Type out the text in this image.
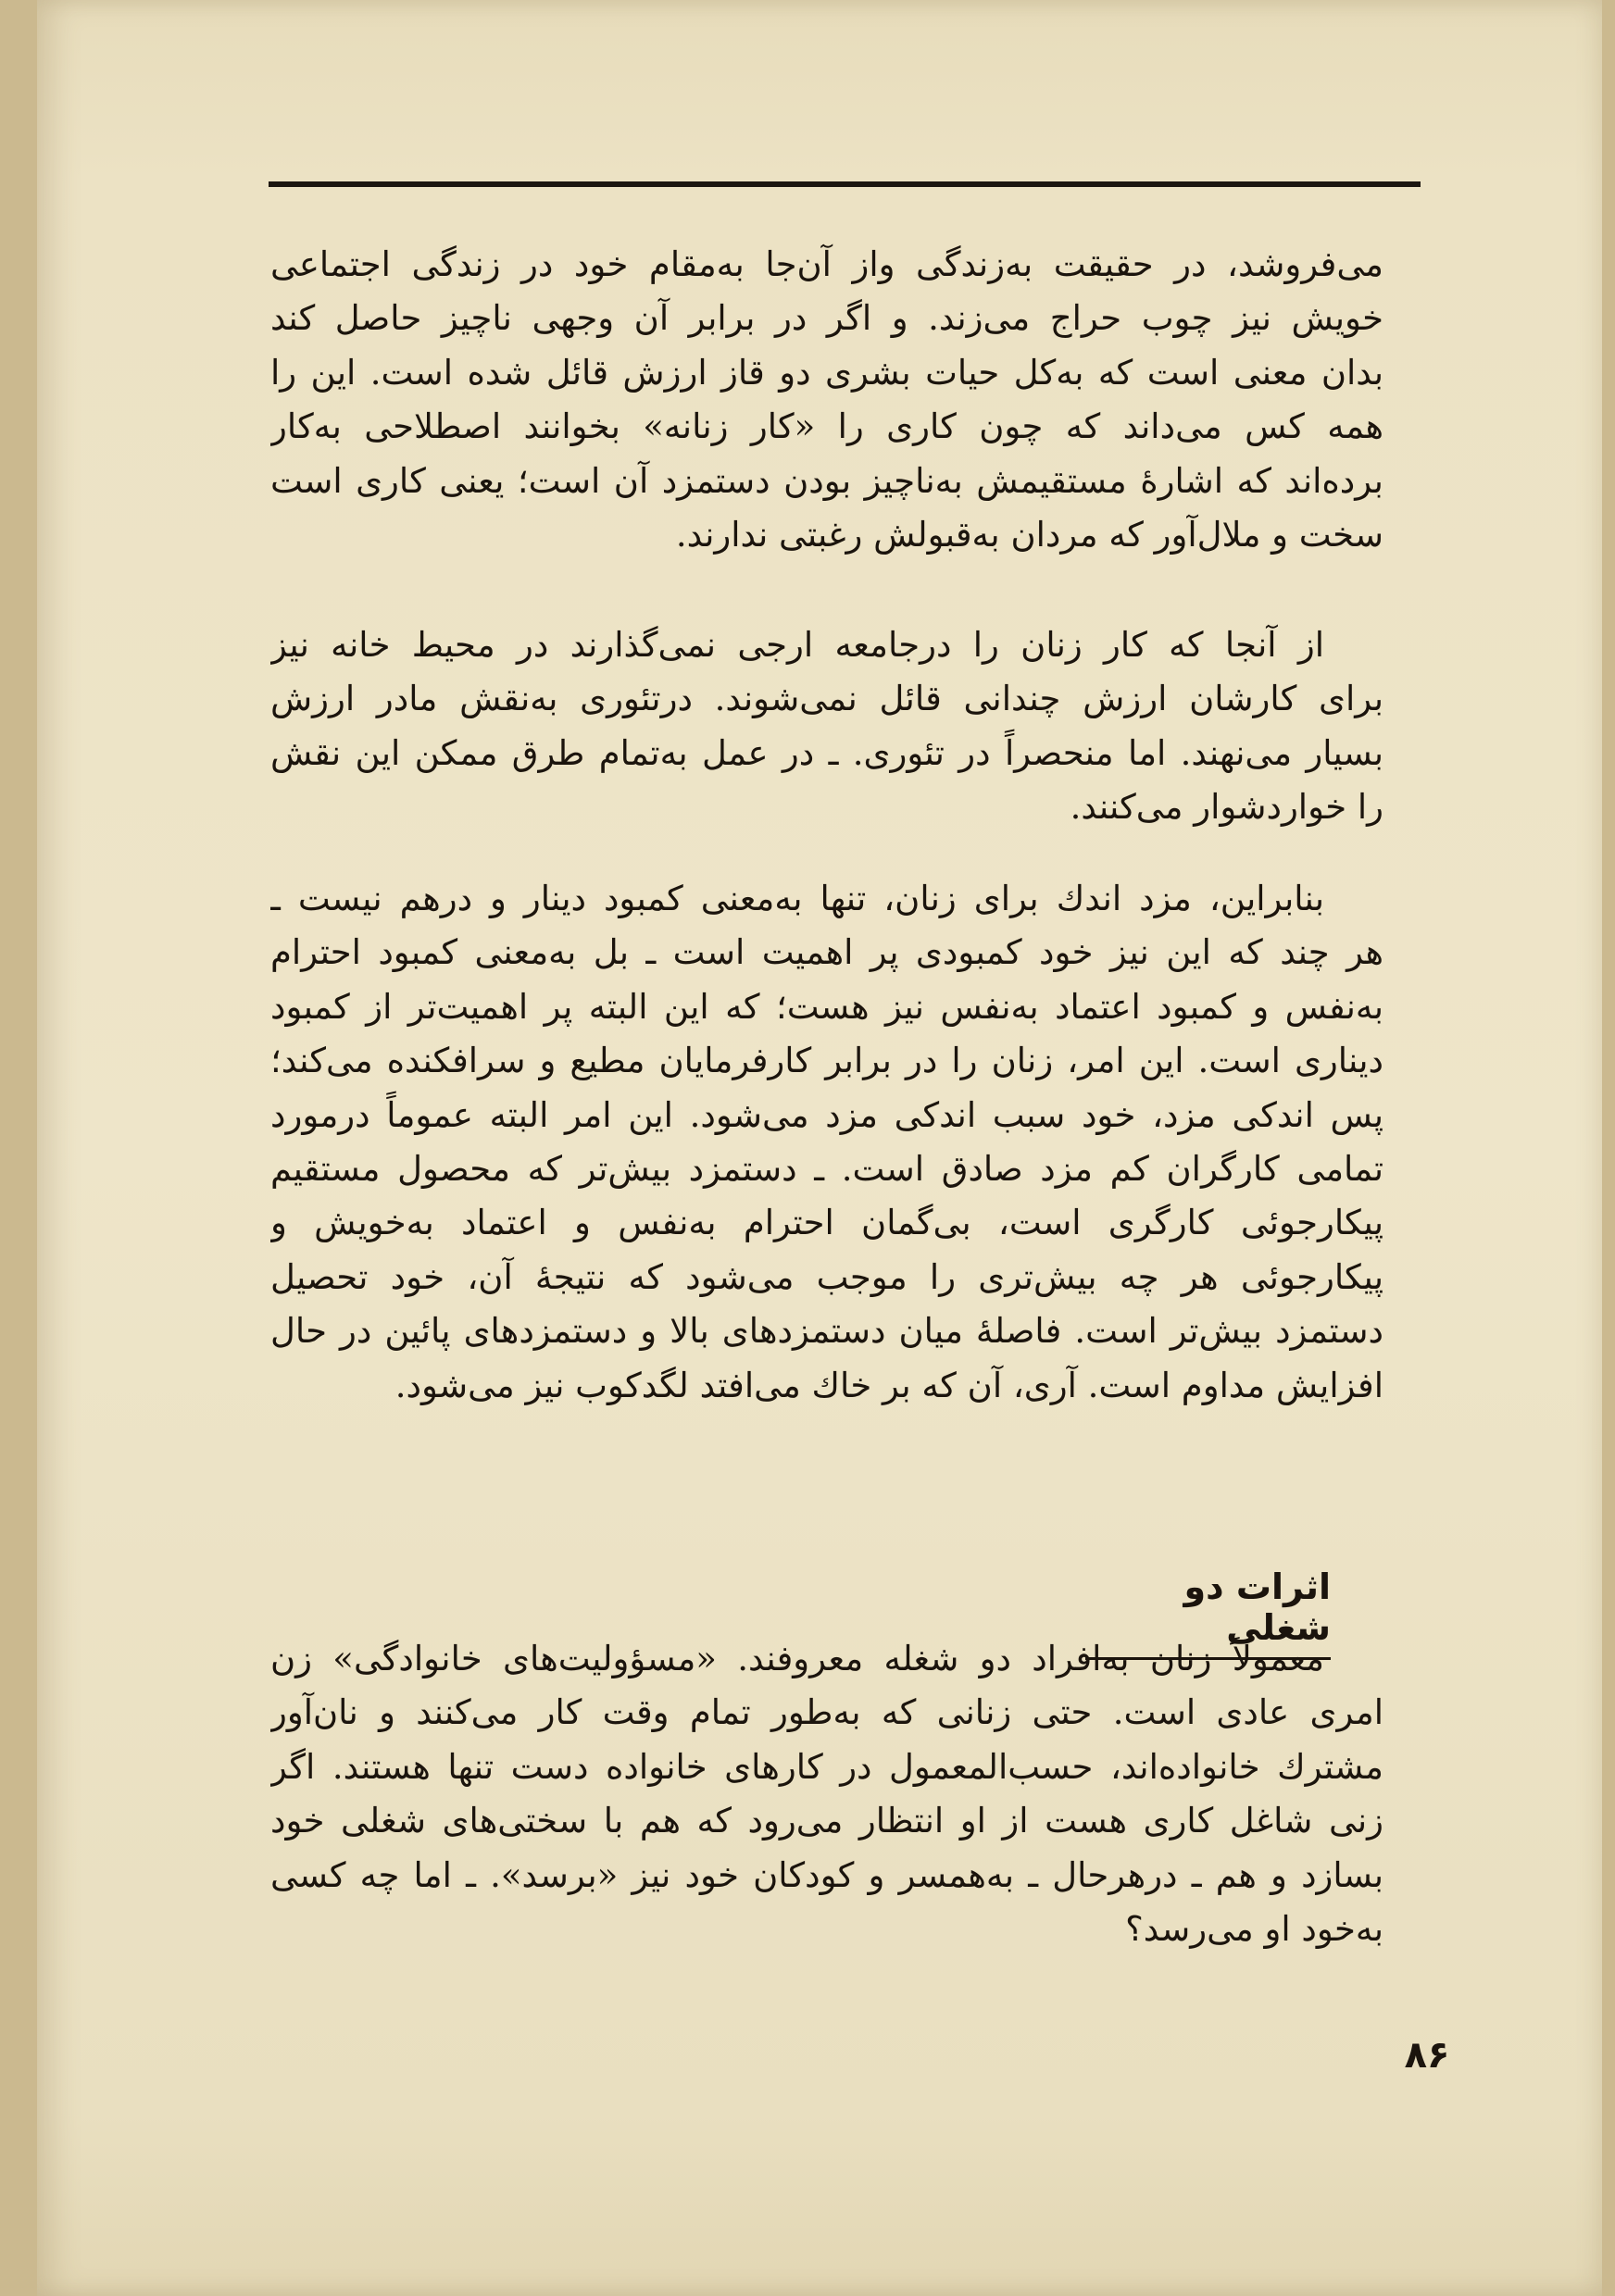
می‌فروشد، در حقیقت به‌زندگی واز آن‌جا به‌مقام خود در زندگی اجتماعی
خویش نیز چوب حراج می‌زند. و اگر در برابر آن وجهی ناچیز حاصل کند
بدان معنی است که به‌کل حیات بشری دو قاز ارزش قائل شده است. این را
همه کس می‌داند که چون کاری را «کار زنانه» بخوانند اصطلاحی به‌کار
برده‌اند که اشارهٔ مستقیمش به‌ناچیز بودن دستمزد آن است؛ یعنی کاری است
سخت و ملال‌آور که مردان به‌قبولش رغبتی ندارند.
از آنجا که کار زنان را درجامعه ارجی نمی‌گذارند در محیط خانه نیز
برای کارشان ارزش چندانی قائل نمی‌شوند. درتئوری به‌نقش مادر ارزش
بسیار می‌نهند. اما منحصراً در تئوری. ـ در عمل به‌تمام طرق ممکن این نقش
را خواردشوار می‌کنند.
بنابراین، مزد اندك برای زنان، تنها به‌معنی کمبود دینار و درهم نیست ـ
هر چند که این نیز خود کمبودی پر اهمیت است ـ بل به‌معنی کمبود احترام
به‌نفس و کمبود اعتماد به‌نفس نیز هست؛ که این البته پر اهمیت‌تر از کمبود
دیناری است. این امر، زنان را در برابر کارفرمایان مطیع و سرافکنده می‌کند؛
پس اندکی مزد، خود سبب اندکی مزد می‌شود. این امر البته عموماً درمورد
تمامی کارگران کم مزد صادق است. ـ دستمزد بیش‌تر که محصول مستقیم
پیکارجوئی کارگری است، بی‌گمان احترام به‌نفس و اعتماد به‌خویش و
پیکارجوئی هر چه بیش‌تری را موجب می‌شود که نتیجهٔ آن، خود تحصیل
دستمزد بیش‌تر است. فاصلهٔ میان دستمزدهای بالا و دستمزدهای پائین در حال
افزایش مداوم است. آری، آن که بر خاك می‌افتد لگدکوب نیز می‌شود.
اثرات دو شغلی
معمولاً زنان به‌افراد دو شغله معروفند. «مسؤولیت‌های خانوادگی» زن
امری عادی است. حتی زنانی که به‌طور تمام وقت کار می‌کنند و نان‌آور
مشترك خانواده‌اند، حسب‌المعمول در کارهای خانواده دست تنها هستند. اگر
زنی شاغل کاری هست از او انتظار می‌رود که هم با سختی‌های شغلی خود
بسازد و هم ـ درهرحال ـ به‌همسر و کودکان خود نیز «برسد». ـ اما چه کسی
به‌خود او می‌رسد؟
۸۶
